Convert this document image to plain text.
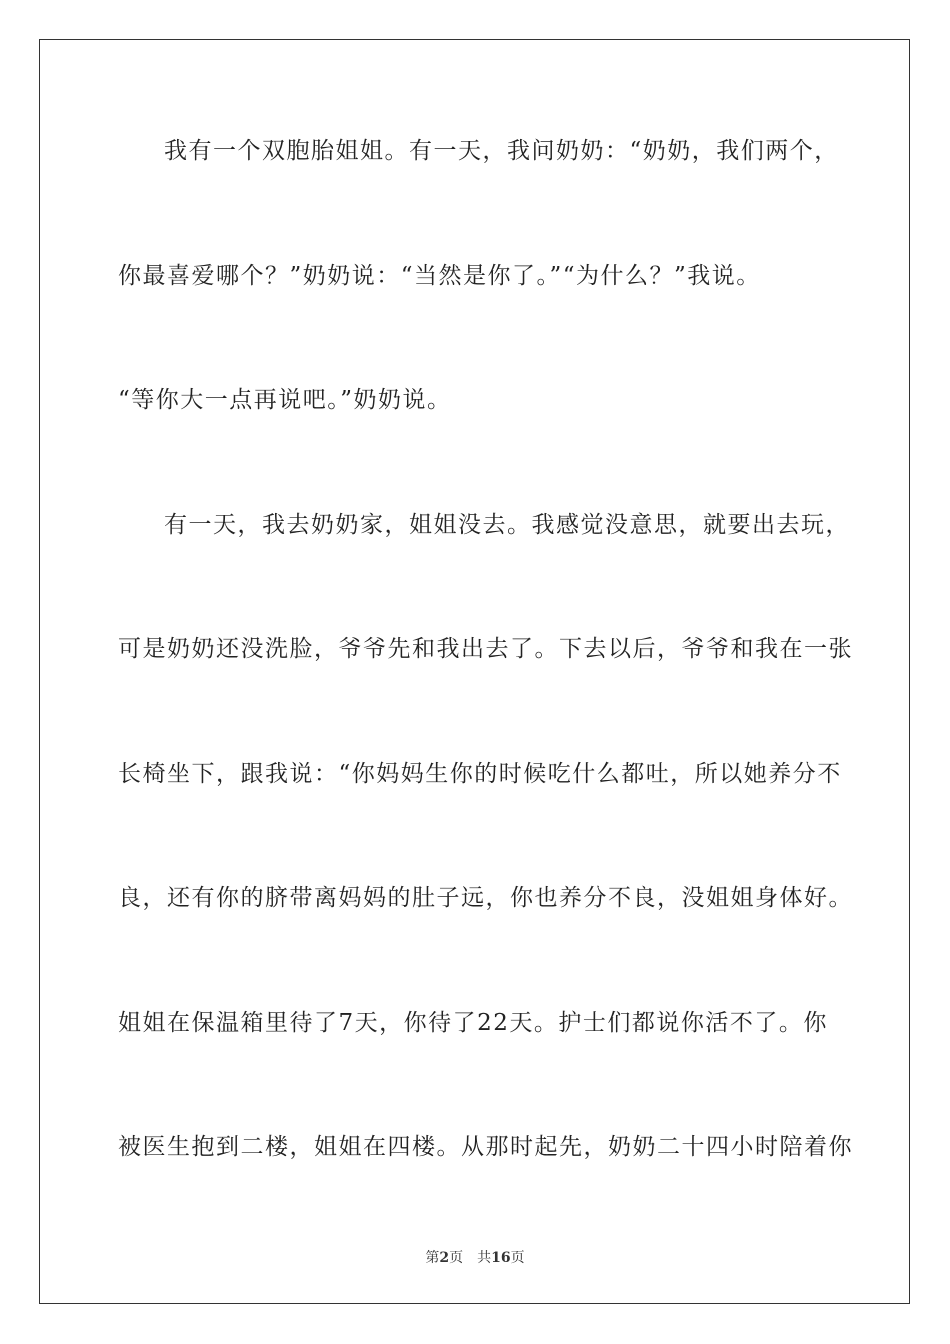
我有一个双胞胎姐姐。有一天，我问奶奶：“奶奶，我们两个，
你最喜爱哪个？”奶奶说：“当然是你了。”“为什么？”我说。
“等你大一点再说吧。”奶奶说。
有一天，我去奶奶家，姐姐没去。我感觉没意思，就要出去玩，
可是奶奶还没洗脸，爷爷先和我出去了。下去以后，爷爷和我在一张
长椅坐下，跟我说：“你妈妈生你的时候吃什么都吐，所以她养分不
良，还有你的脐带离妈妈的肚子远，你也养分不良，没姐姐身体好。
姐姐在保温箱里待了7天，你待了22天。护士们都说你活不了。你
被医生抱到二楼，姐姐在四楼。从那时起先，奶奶二十四小时陪着你
第2页　共16页
